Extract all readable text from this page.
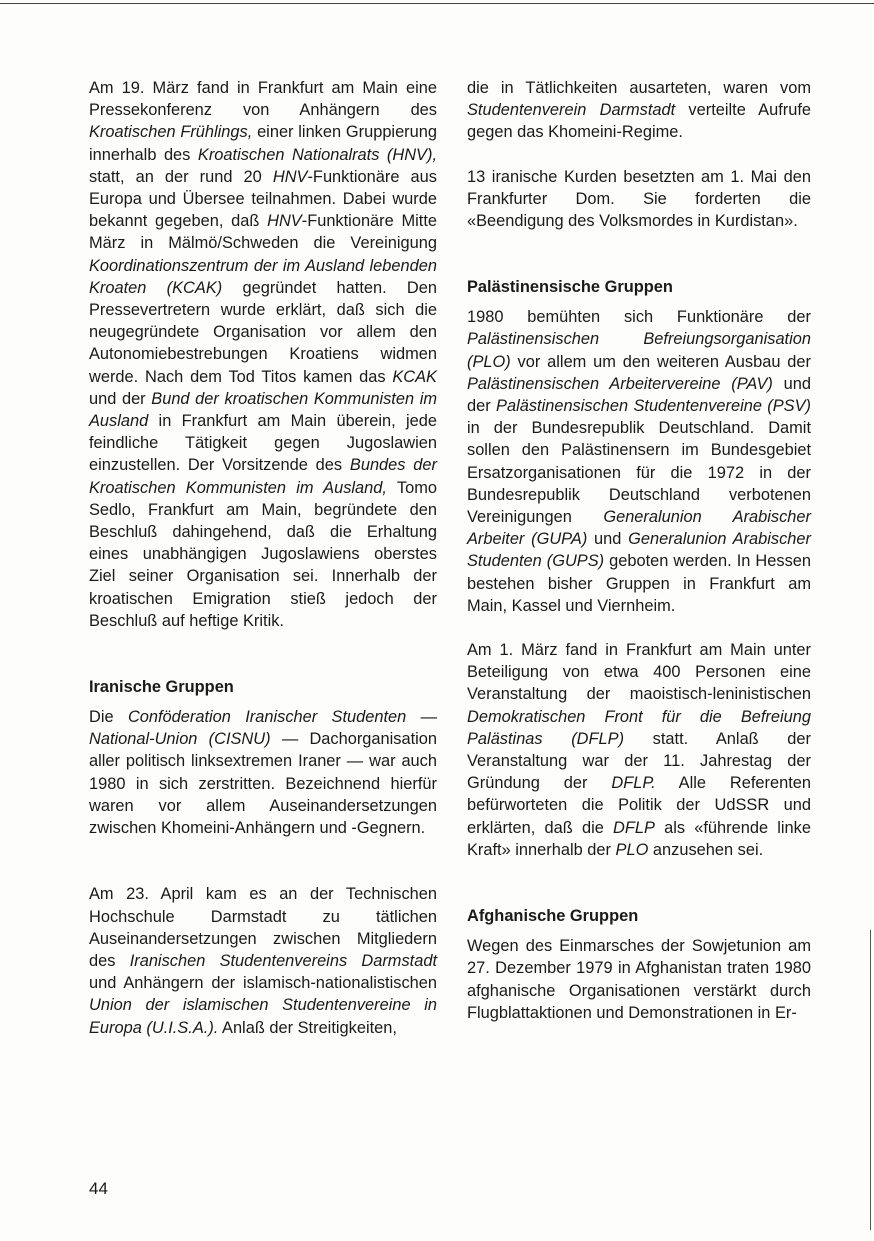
Am 19. März fand in Frankfurt am Main eine Pressekonferenz von Anhängern des Kroatischen Frühlings, einer linken Gruppierung innerhalb des Kroatischen Nationalrats (HNV), statt, an der rund 20 HNV-Funktionäre aus Europa und Übersee teilnahmen. Dabei wurde bekannt gegeben, daß HNV-Funktionäre Mitte März in Mälmö/Schweden die Vereinigung Koordinationszentrum der im Ausland lebenden Kroaten (KCAK) gegründet hatten. Den Pressevertretern wurde erklärt, daß sich die neugegründete Organisation vor allem den Autonomiebestrebungen Kroatiens widmen werde. Nach dem Tod Titos kamen das KCAK und der Bund der kroatischen Kommunisten im Ausland in Frankfurt am Main überein, jede feindliche Tätigkeit gegen Jugoslawien einzustellen. Der Vorsitzende des Bundes der Kroatischen Kommunisten im Ausland, Tomo Sedlo, Frankfurt am Main, begründete den Beschluß dahingehend, daß die Erhaltung eines unabhängigen Jugoslawiens oberstes Ziel seiner Organisation sei. Innerhalb der kroatischen Emigration stieß jedoch der Beschluß auf heftige Kritik.

Iranische Gruppen

Die Conföderation Iranischer Studenten — National-Union (CISNU) — Dachorganisation aller politisch linksextremen Iraner — war auch 1980 in sich zerstritten. Bezeichnend hierfür waren vor allem Auseinandersetzungen zwischen Khomeini-Anhängern und -Gegnern.

Am 23. April kam es an der Technischen Hochschule Darmstadt zu tätlichen Auseinandersetzungen zwischen Mitgliedern des Iranischen Studentenvereins Darmstadt und Anhängern der islamisch-nationalistischen Union der islamischen Studentenvereine in Europa (U.I.S.A.). Anlaß der Streitigkeiten,

die in Tätlichkeiten ausarteten, waren vom Studentenverein Darmstadt verteilte Aufrufe gegen das Khomeini-Regime.

13 iranische Kurden besetzten am 1. Mai den Frankfurter Dom. Sie forderten die «Beendigung des Volksmordes in Kurdistan».

Palästinensische Gruppen

1980 bemühten sich Funktionäre der Palästinensischen Befreiungsorganisation (PLO) vor allem um den weiteren Ausbau der Palästinensischen Arbeitervereine (PAV) und der Palästinensischen Studentenvereine (PSV) in der Bundesrepublik Deutschland. Damit sollen den Palästinensern im Bundesgebiet Ersatzorganisationen für die 1972 in der Bundesrepublik Deutschland verbotenen Vereinigungen Generalunion Arabischer Arbeiter (GUPA) und Generalunion Arabischer Studenten (GUPS) geboten werden. In Hessen bestehen bisher Gruppen in Frankfurt am Main, Kassel und Viernheim.

Am 1. März fand in Frankfurt am Main unter Beteiligung von etwa 400 Personen eine Veranstaltung der maoistisch-leninistischen Demokratischen Front für die Befreiung Palästinas (DFLP) statt. Anlaß der Veranstaltung war der 11. Jahrestag der Gründung der DFLP. Alle Referenten befürworteten die Politik der UdSSR und erklärten, daß die DFLP als «führende linke Kraft» innerhalb der PLO anzusehen sei.

Afghanische Gruppen

Wegen des Einmarsches der Sowjetunion am 27. Dezember 1979 in Afghanistan traten 1980 afghanische Organisationen verstärkt durch Flugblattaktionen und Demonstrationen in Er-

44
